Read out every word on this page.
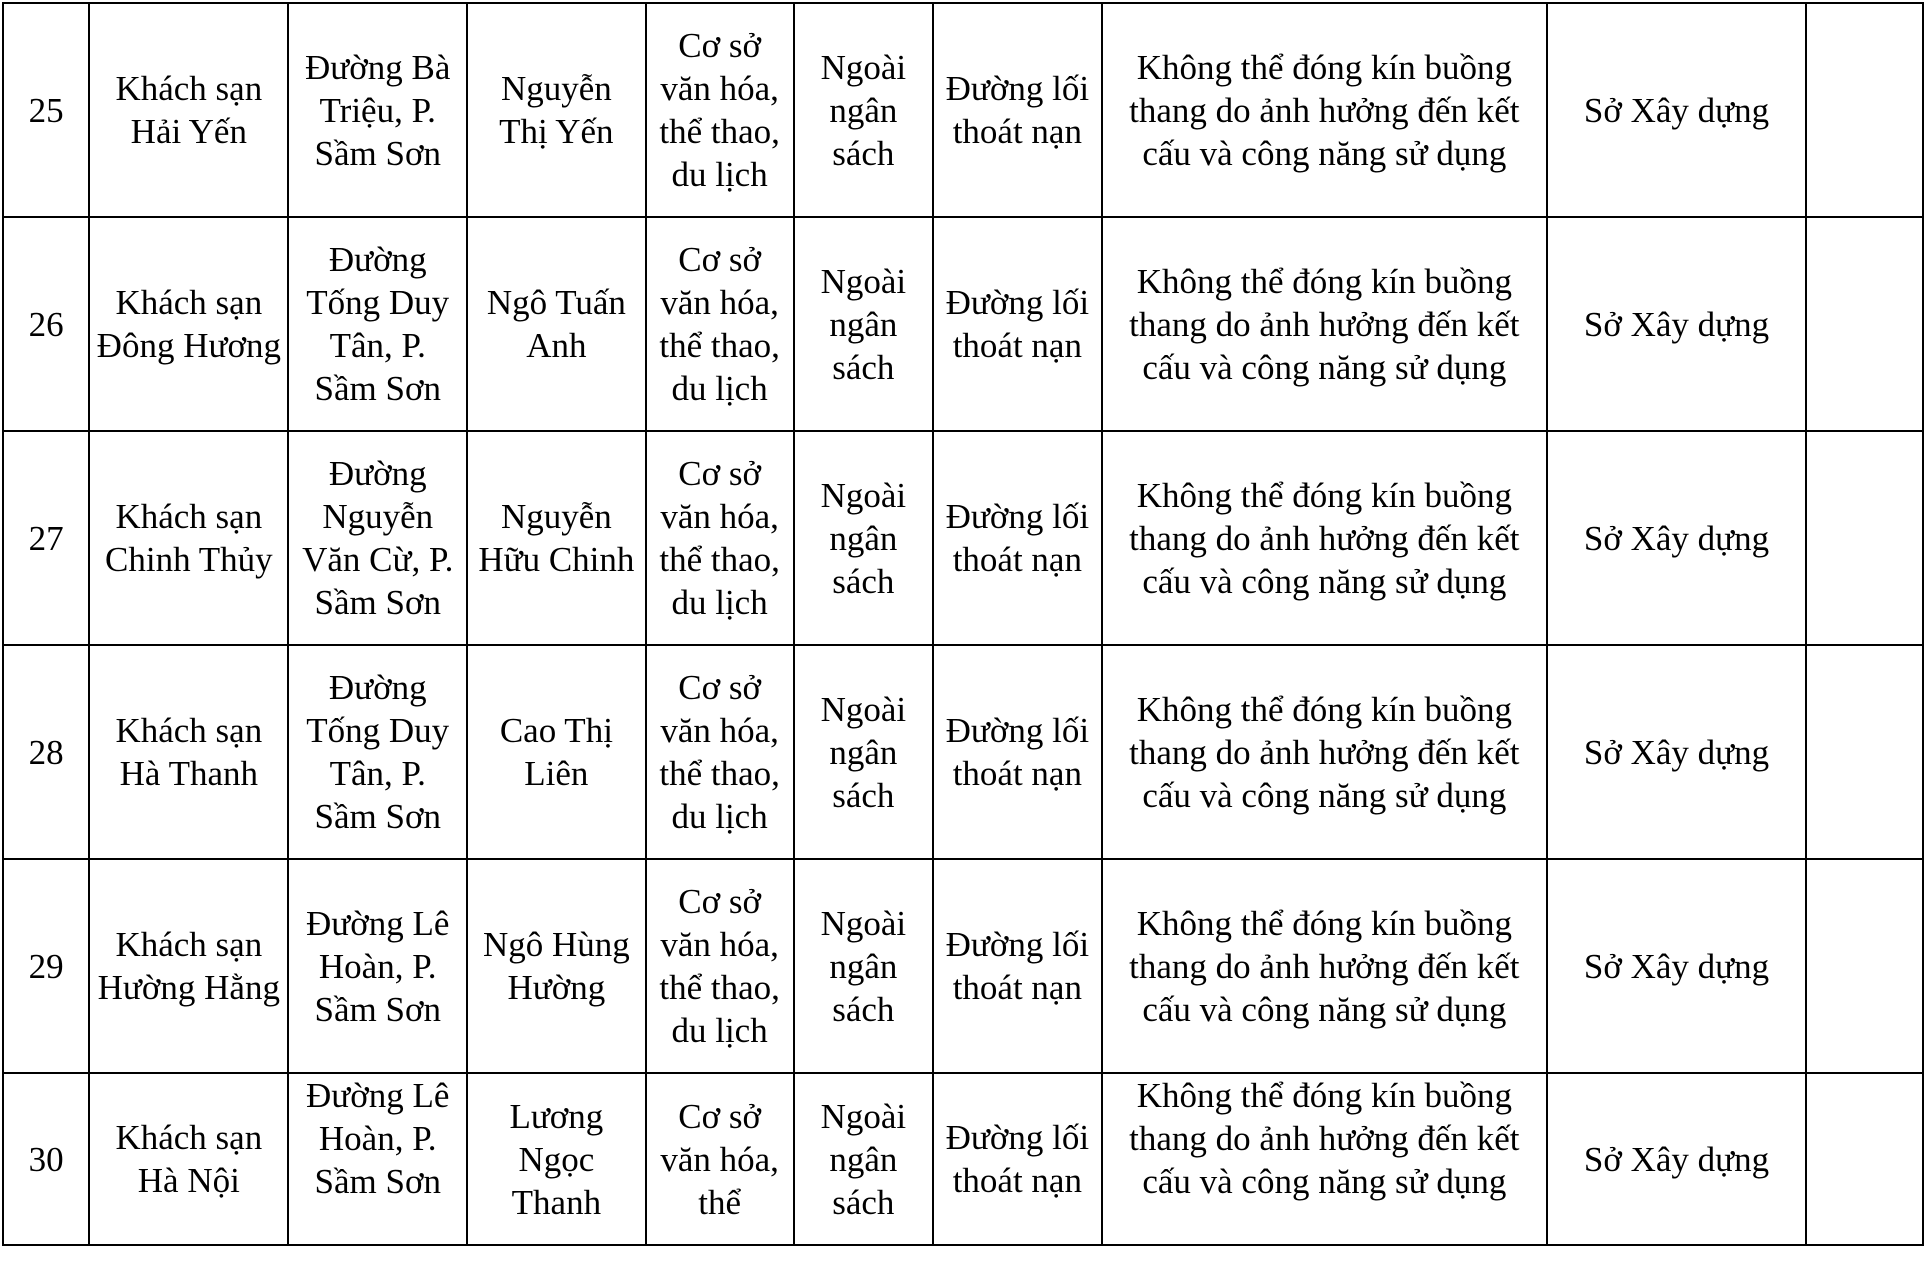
25	Khách sạn Hải Yến	Đường Bà Triệu, P. Sầm Sơn	Nguyễn Thị Yến	Cơ sở văn hóa, thể thao, du lịch	Ngoài ngân sách	Đường lối thoát nạn	Không thể đóng kín buồng thang do ảnh hưởng đến kết cấu và công năng sử dụng	Sở Xây dựng	

26	Khách sạn Đông Hương	Đường Tống Duy Tân, P. Sầm Sơn	Ngô Tuấn Anh	Cơ sở văn hóa, thể thao, du lịch	Ngoài ngân sách	Đường lối thoát nạn	Không thể đóng kín buồng thang do ảnh hưởng đến kết cấu và công năng sử dụng	Sở Xây dựng	

27	Khách sạn Chinh Thủy	Đường Nguyễn Văn Cừ, P. Sầm Sơn	Nguyễn Hữu Chinh	Cơ sở văn hóa, thể thao, du lịch	Ngoài ngân sách	Đường lối thoát nạn	Không thể đóng kín buồng thang do ảnh hưởng đến kết cấu và công năng sử dụng	Sở Xây dựng	

28	Khách sạn Hà Thanh	Đường Tống Duy Tân, P. Sầm Sơn	Cao Thị Liên	Cơ sở văn hóa, thể thao, du lịch	Ngoài ngân sách	Đường lối thoát nạn	Không thể đóng kín buồng thang do ảnh hưởng đến kết cấu và công năng sử dụng	Sở Xây dựng	

29	Khách sạn Hường Hằng	Đường Lê Hoàn, P. Sầm Sơn	Ngô Hùng Hường	Cơ sở văn hóa, thể thao, du lịch	Ngoài ngân sách	Đường lối thoát nạn	Không thể đóng kín buồng thang do ảnh hưởng đến kết cấu và công năng sử dụng	Sở Xây dựng	

30	Khách sạn Hà Nội	Đường Lê Hoàn, P. Sầm Sơn	Lương Ngọc Thanh	Cơ sở văn hóa, thể	Ngoài ngân sách	Đường lối thoát nạn	Không thể đóng kín buồng thang do ảnh hưởng đến kết cấu và công năng sử dụng	Sở Xây dựng	
